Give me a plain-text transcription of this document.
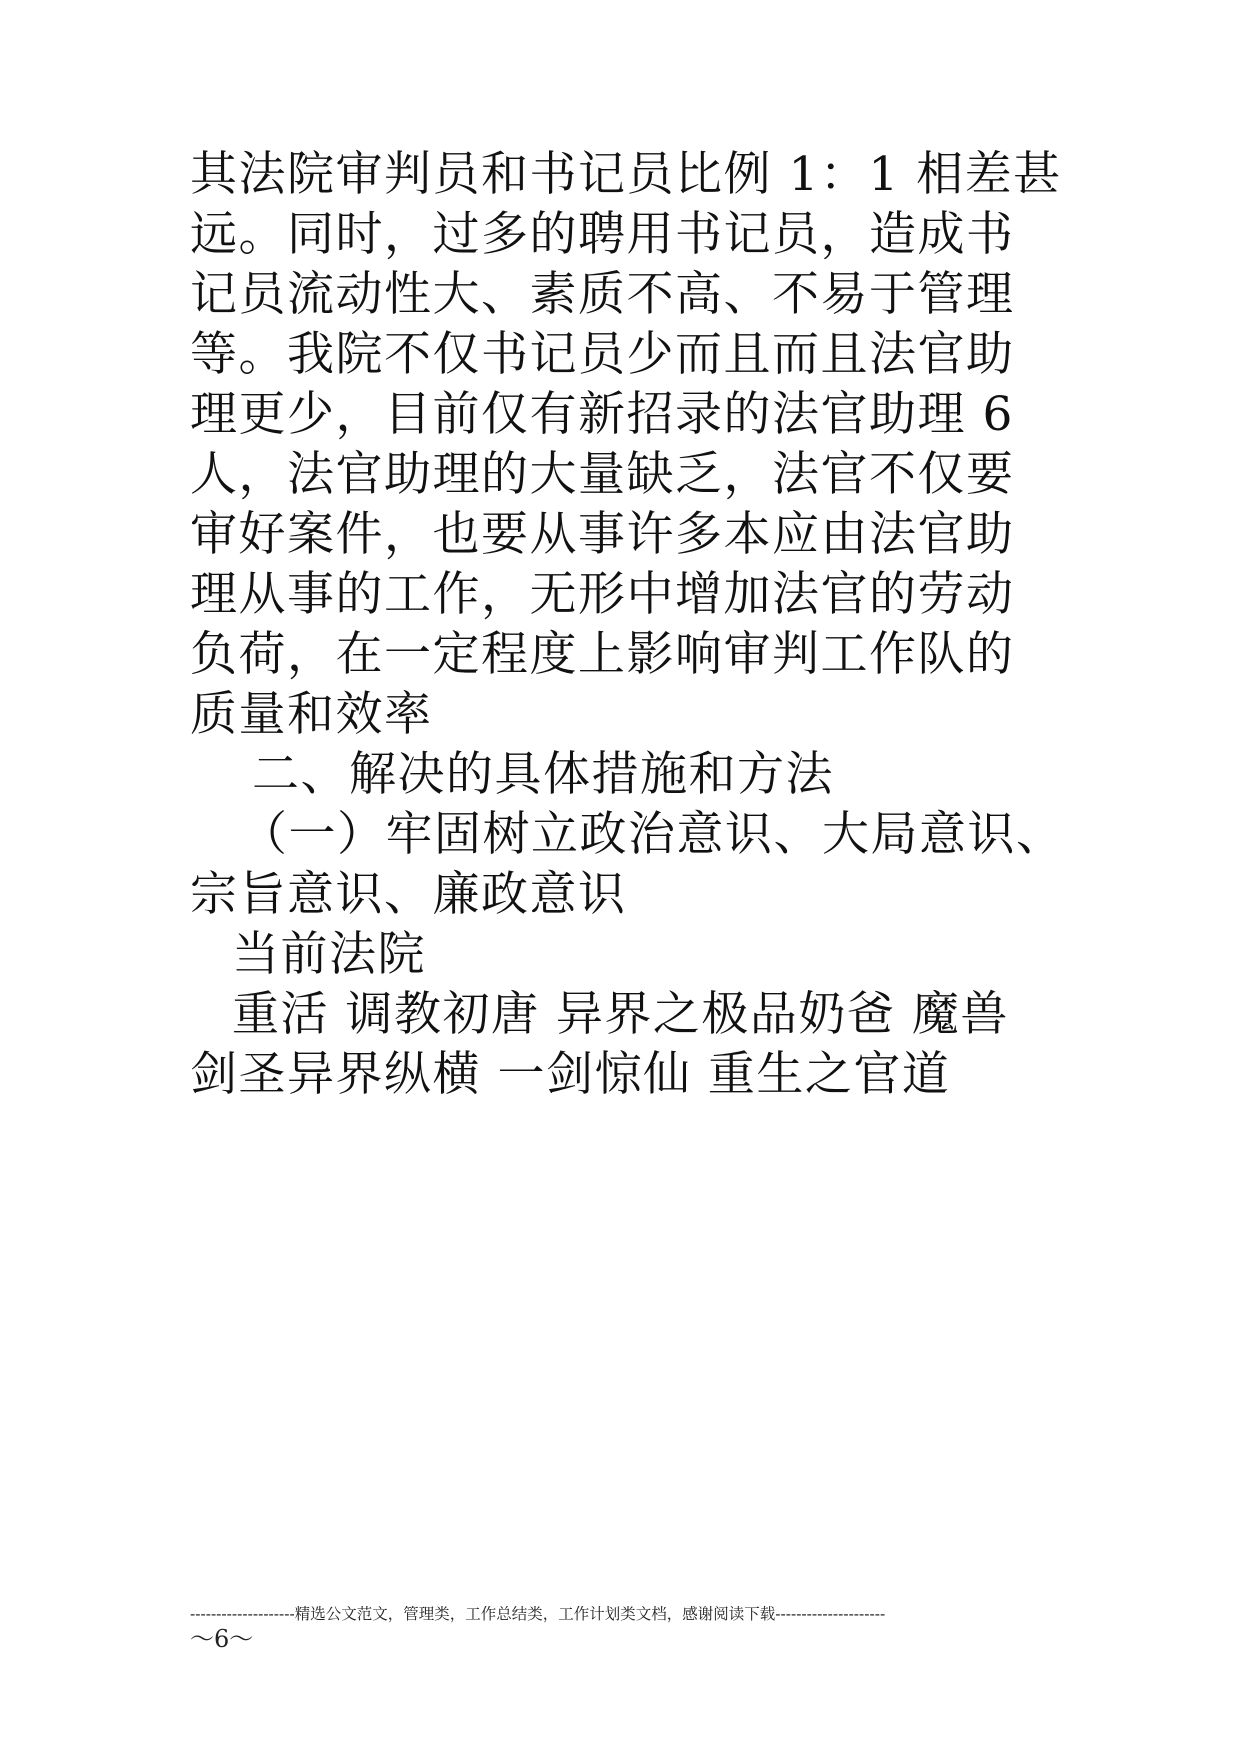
其法院审判员和书记员比例 1：1 相差甚
远。同时，过多的聘用书记员，造成书
记员流动性大、素质不高、不易于管理
等。我院不仅书记员少而且而且法官助
理更少，目前仅有新招录的法官助理 6
人，法官助理的大量缺乏，法官不仅要
审好案件，也要从事许多本应由法官助
理从事的工作，无形中增加法官的劳动
负荷，在一定程度上影响审判工作队的
质量和效率
二、解决的具体措施和方法
（一）牢固树立政治意识、大局意识、
宗旨意识、廉政意识
当前法院
重活 调教初唐 异界之极品奶爸 魔兽
剑圣异界纵横 一剑惊仙 重生之官道
--------------------精选公文范文，管理类，工作总结类，工作计划类文档，感谢阅读下载---------------------
～6～
